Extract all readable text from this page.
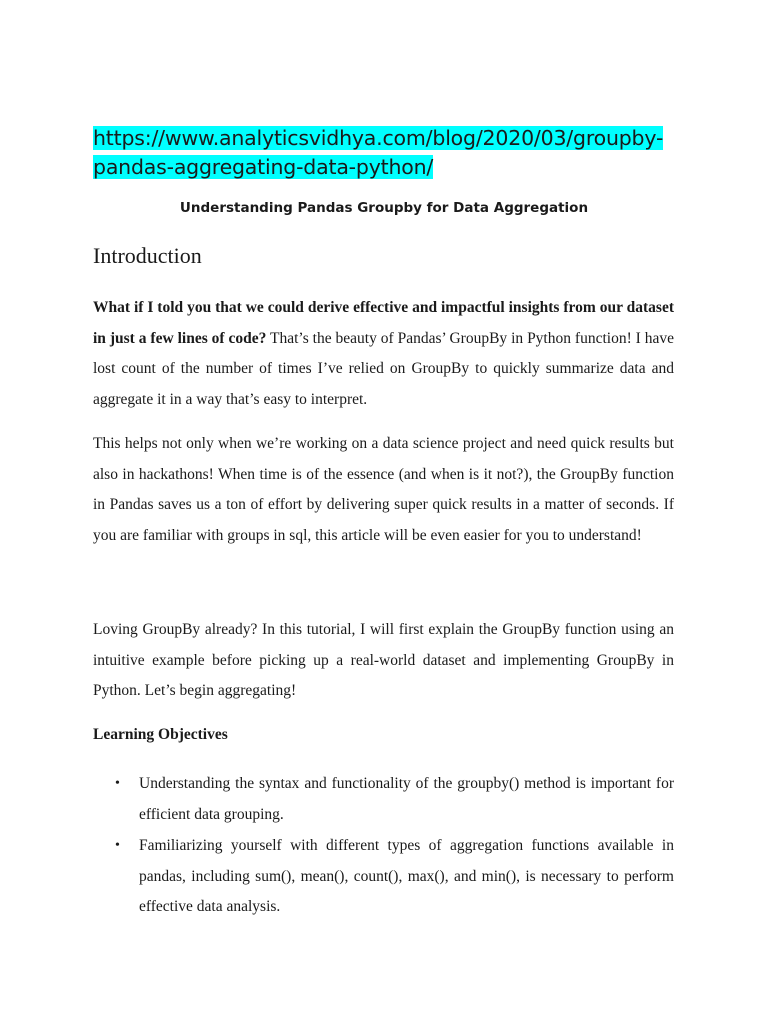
https://www.analyticsvidhya.com/blog/2020/03/groupby-
pandas-aggregating-data-python/
Understanding Pandas Groupby for Data Aggregation
Introduction

What if I told you that we could derive effective and impactful insights from our dataset in just a few lines of code? That’s the beauty of Pandas’ GroupBy in Python function! I have lost count of the number of times I’ve relied on GroupBy to quickly summarize data and aggregate it in a way that’s easy to interpret.

This helps not only when we’re working on a data science project and need quick results but also in hackathons! When time is of the essence (and when is it not?), the GroupBy function in Pandas saves us a ton of effort by delivering super quick results in a matter of seconds. If you are familiar with groups in sql, this article will be even easier for you to understand!

Loving GroupBy already? In this tutorial, I will first explain the GroupBy function using an intuitive example before picking up a real-world dataset and implementing GroupBy in Python. Let’s begin aggregating!

Learning Objectives
• Understanding the syntax and functionality of the groupby() method is important for efficient data grouping.
• Familiarizing yourself with different types of aggregation functions available in pandas, including sum(), mean(), count(), max(), and min(), is necessary to perform effective data analysis.
